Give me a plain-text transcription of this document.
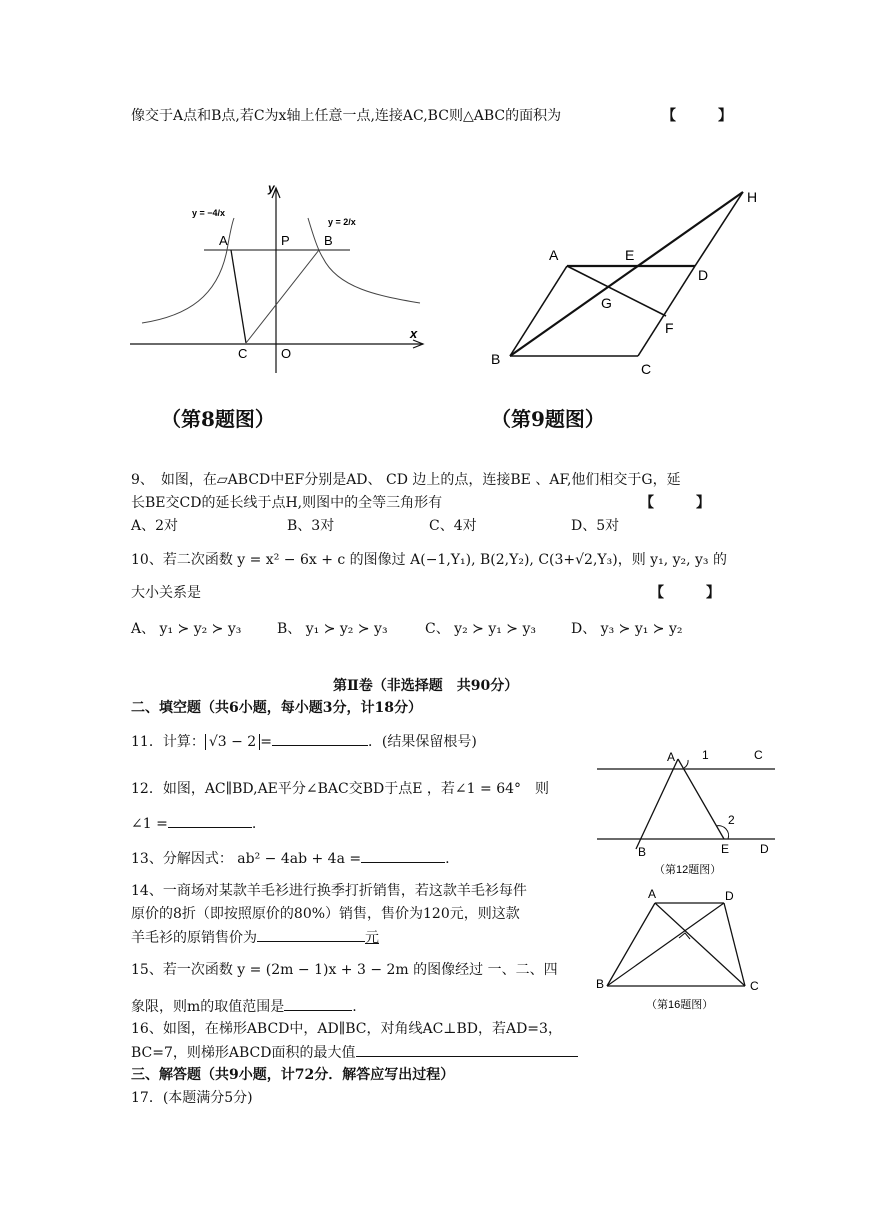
像交于A点和B点,若C为x轴上任意一点,连接AC,BC则△ABC的面积为	【　　　】
y
x
A	P	B
C	O
y = −4/x
y = 2/x
（第8题图）
A	E
D
G
F
B
C
H
（第9题图）
9、　如图，在▱ABCD中EF分别是AD、 CD 边上的点，连接BE 、AF,他们相交于G，延
长BE交CD的延长线于点H,则图中的全等三角形有	【　　　】
A、2对	B、3对	C、4对	D、5对
10、若二次函数 y = x² − 6x + c 的图像过 A(−1,Y₁), B(2,Y₂), C(3+√2,Y₃)，则 y₁, y₂, y₃ 的
大小关系是	【　　　】
A、 y₁ ≻ y₂ ≻ y₃	B、 y₁ ≻ y₂ ≻ y₃	C、 y₂ ≻ y₁ ≻ y₃	D、 y₃ ≻ y₁ ≻ y₂
第Ⅱ卷（非选择题　共90分）
二、填空题（共6小题，每小题3分，计18分）
11．计算： √3 − 2 =	．(结果保留根号)
12．如图，AC∥BD,AE平分∠BAC交BD于点E ，若∠1 = 64°　则
∠1 =	.
13、分解因式： ab² − 4ab + 4a =	.
14、一商场对某款羊毛衫进行换季打折销售，若这款羊毛衫每件
原价的8折（即按照原价的80%）销售，售价为120元，则这款
羊毛衫的原销售价为	元
15、若一次函数 y = (2m − 1)x + 3 − 2m 的图像经过 一、二、四
象限，则m的取值范围是	.
16、如图，在梯形ABCD中，AD∥BC，对角线AC⊥BD，若AD=3，
BC=7，则梯形ABCD面积的最大值
三、解答题（共9小题，计72分．解答应写出过程）
17．(本题满分5分)
A 1	C
2
B	E	D
（第12题图）
A	D
B	C
（第16题图）
